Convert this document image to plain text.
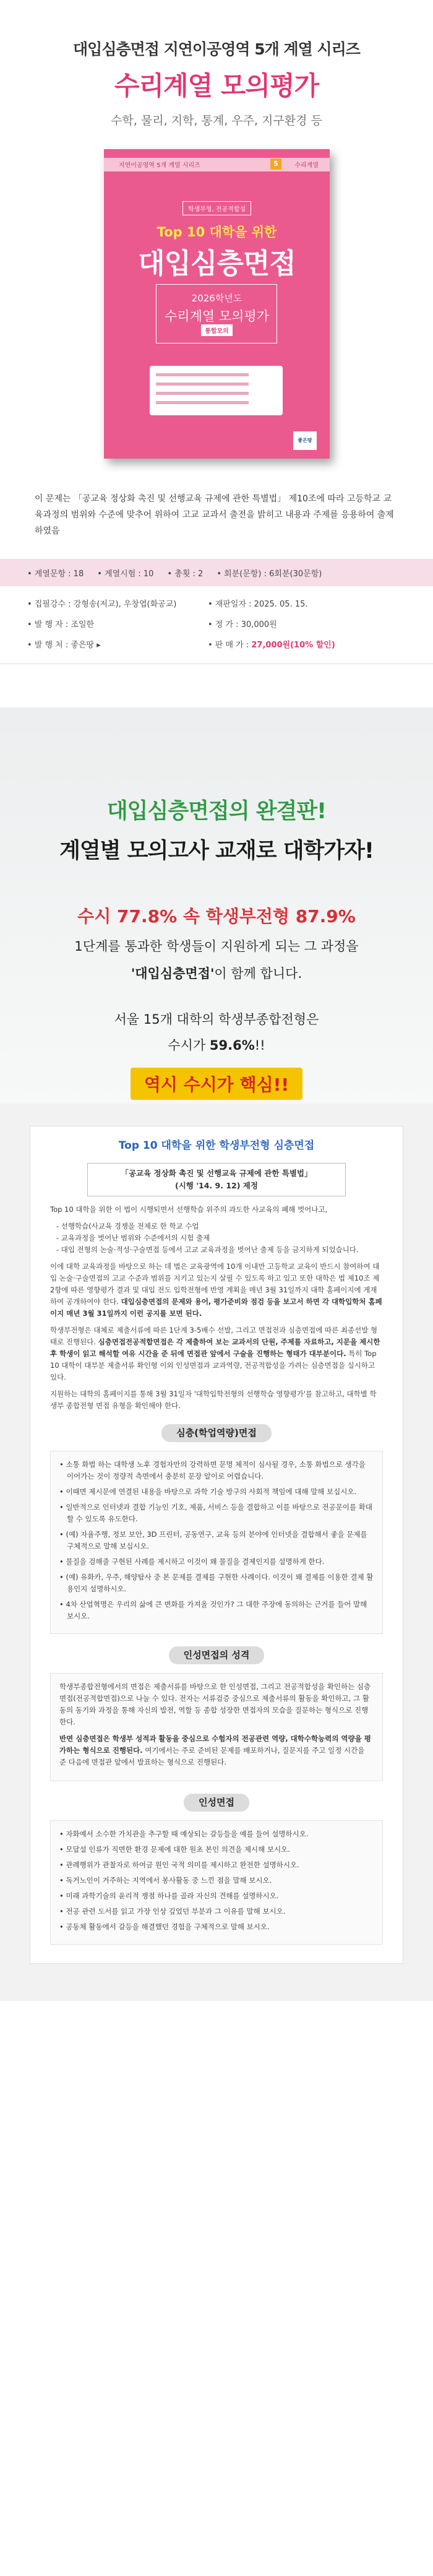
대입심층면접 지연이공영역 5개 계열 시리즈
수리계열 모의평가
수학, 물리, 지학, 통계, 우주, 지구환경 등
지연이공영역 5개 계열 시리즈	5	수리계열
학생부형, 전공적합성
Top 10 대학을 위한
대입심층면접
2026학년도
수리계열 모의평가
통합모의
좋은땅
이 문제는 「공교육 정상화 촉진 및 선행교육 규제에 관한 특별법」 제10조에 따라 고등학교 교육과정의 범위와 수준에 맞추어 위하여 고교 교과서 출전을 밝히고 내용과 주제를 응용하여 출제하였음
• 계열문항 : 18 • 계열시험 : 10 • 총횟 : 2 • 회분(문항) : 6회분(30문항)
• 집필강수 : 강형송(저교), 우창엽(화공교)	• 재판일자 : 2025. 05. 15.
• 발 행 자 : 조일한	• 정 가 : 30,000원
• 발 행 처 : 좋은땅 ▸	• 판 매 가 : 27,000원(10% 할인)
대입심층면접의 완결판!
계열별 모의고사 교재로 대학가자!
수시 77.8% 속 학생부전형 87.9%
1단계를 통과한 학생들이 지원하게 되는 그 과정을
'대입심층면접'이 함께 합니다.
서울 15개 대학의 학생부종합전형은
수시가 59.6%!!
역시 수시가 핵심!!
Top 10 대학을 위한 학생부전형 심층면접
「공교육 정상화 촉진 및 선행교육 규제에 관한 특별법」
(시행 '14. 9. 12) 제정
Top 10 대학을 위한 이 법이 시행되면서 선행학습 위주의 과도한 사교육의 폐해 벗어나고,
- 선행학습(사교육 경쟁을 전제로 한 학교 수업
- 교육과정을 벗어난 범위와 수준에서의 시험 출제
- 대입 전형의 논술·적성·구술면접 등에서 고교 교육과정을 벗어난 출제 등을 금지하게 되었습니다.
이에 대학 교육과정을 바탕으로 하는 데 법은 교육광역에 10개 이내만 고등학교 교육이 반드시 참여하여 대입 논술·구술면접의 고교 수준과 범위를 지키고 있는지 살필 수 있도록 하고 있고 또한 대학은 법 제10조 제2항에 따른 영향평가 결과 및 대입 전도 입학전형에 반영 계획을 매년 3월 31일까지 대학 홈페이지에 게재하여 공개하여야 한다. 대입심층면접의 문제와 용어, 평가준비와 점검 등을 보고서 하면 각 대학입학처 홈페이지 매년 3월 31일까지 이런 공지를 보면 된다.
학생부전형은 대체로 제출서류에 따른 1단계 3-5배수 선발, 그리고 면접전과 심층면접에 따른 최종선발 형태로 진행된다. 심층면접전공적합면접은 각 제출하여 보는 교과서의 단원, 주제를 자료하고, 지문을 제시한 후 학생이 읽고 해석할 여유 시간을 준 뒤에 면접관 앞에서 구술을 진행하는 형태가 대부분이다. 특히 Top 10 대학이 대부분 제출서류 확인형 이외 인성면접과 교과역량, 전공적합성을 가려는 심층면접을 실시하고 있다.
지원하는 대학의 홈페이지를 통해 3월 31일자 '대학입학전형의 선행학습 영향평가'를 참고하고, 대학별 학생부 종합전형 면접 유형을 확인해야 한다.
심층(학업역량)면접
• 소통 화법 하는 대학생 노후 경험자만의 강력하면 문명 체적이 심사될 경우, 소통 화법으로 생각을 이어가는 것이 정량적 측면에서 충분히 문장 알이로 어렵습니다.
• 이때면 제시문에 연결된 내용을 바탕으로 과학 기술 방구의 사회적 책임에 대해 말해 보십시오.
• 일반적으로 인터넷과 결합 기능인 기호, 제품, 서비스 등을 결합하고 이를 바탕으로 전공문이를 확대할 수 있도록 유도한다.
• (예) 자율주행, 정보 보안, 3D 프린터, 공동연구, 교육 등의 분야에 인터넷을 결합해서 좋을 문제를 구체적으로 말해 보십시오.
• 물질을 검해줄 구현된 사례를 제시하고 이것이 왜 물질을 결제인지를 설명하게 한다.
• (예) 유화카, 우주, 해양탐사 중 본 문제를 결제를 구현한 사례이다. 이것이 왜 결제를 이용한 결제 활용인지 설명하시오.
• 4차 산업혁명은 우리의 삶에 큰 변화를 가져올 것인가? 그 대한 주장에 동의하는 근거를 들어 말해 보시오.
인성면접의 성격
학생부종합전형에서의 면접은 제출서류를 바탕으로 한 인성면접, 그리고 전공적합성을 확인하는 심층면접(전공적합면접)으로 나눌 수 있다. 전자는 서류검증 중심으로 제출서류의 활동을 확인하고, 그 활동의 동기와 과정을 통해 자신의 발전, 역할 등 종합 성장한 면접자의 모습을 질문하는 형식으로 진행한다.
반면 심층면접은 학생부 성적과 활동을 중심으로 수험자의 전공관련 역량, 대학수학능력의 역량을 평가하는 형식으로 진행된다. 여기에서는 주로 준비된 문제를 배포하거나, 질문지를 주고 일정 시간을 준 다음에 면접관 앞에서 발표하는 형식으로 진행된다.
인성면접
• 자화예서 소수한 가치관을 추구할 때 예상되는 갈등들을 예를 들어 설명하시오.
• 모달설 인류가 직면한 환경 문제에 대한 원초 본인 의견을 제시해 보시오.
• 관례행위가 관찰자로 하여금 원인 국적 의미를 제시하고 완전한 설명하시오.
• 독거노인이 거주하는 지역에서 봉사활동 중 느낀 점을 말해 보시오.
• 미래 과학기술의 윤리적 쟁점 하나를 골라 자신의 견해를 설명하시오.
• 전공 관련 도서를 읽고 가장 인상 깊었던 부분과 그 이유를 말해 보시오.
• 공동체 활동에서 갈등을 해결했던 경험을 구체적으로 말해 보시오.
